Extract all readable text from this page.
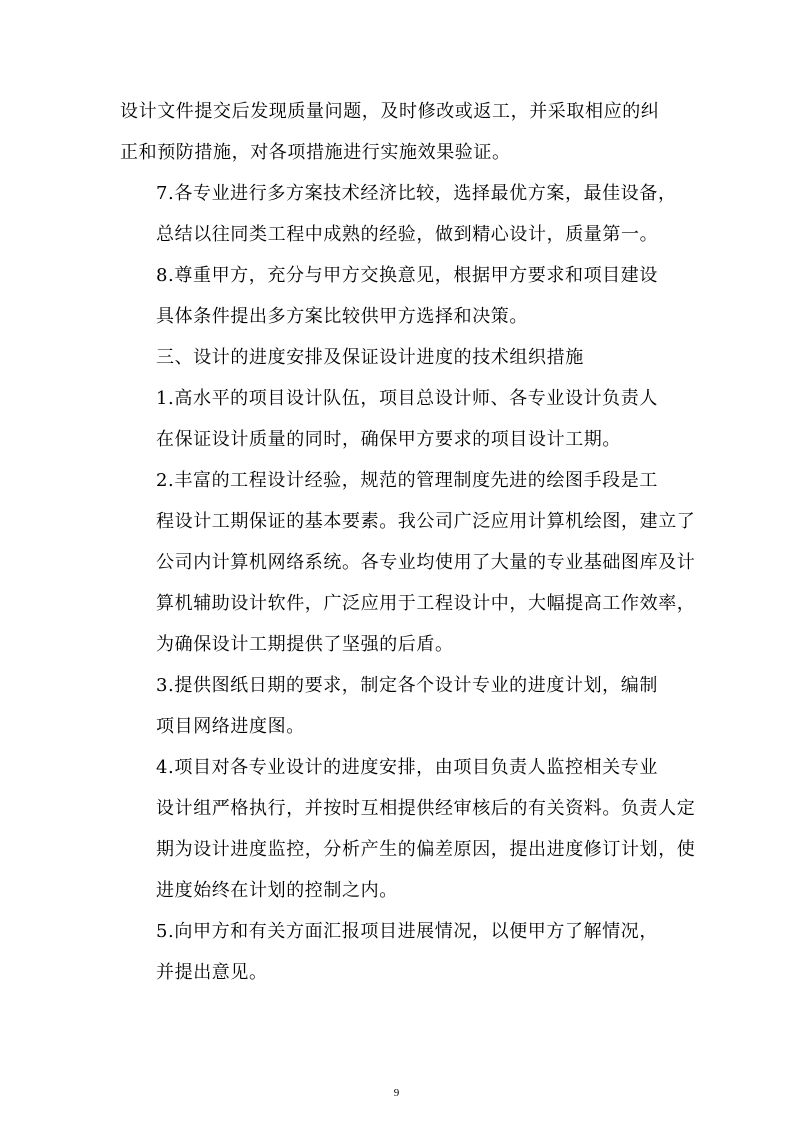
设计文件提交后发现质量问题，及时修改或返工，并采取相应的纠
正和预防措施，对各项措施进行实施效果验证。

7.各专业进行多方案技术经济比较，选择最优方案，最佳设备，
总结以往同类工程中成熟的经验，做到精心设计，质量第一。

8.尊重甲方，充分与甲方交换意见，根据甲方要求和项目建设
具体条件提出多方案比较供甲方选择和决策。

三、设计的进度安排及保证设计进度的技术组织措施

1.高水平的项目设计队伍，项目总设计师、各专业设计负责人
在保证设计质量的同时，确保甲方要求的项目设计工期。

2.丰富的工程设计经验，规范的管理制度先进的绘图手段是工
程设计工期保证的基本要素。我公司广泛应用计算机绘图，建立了
公司内计算机网络系统。各专业均使用了大量的专业基础图库及计
算机辅助设计软件，广泛应用于工程设计中，大幅提高工作效率，
为确保设计工期提供了坚强的后盾。

3.提供图纸日期的要求，制定各个设计专业的进度计划，编制
项目网络进度图。

4.项目对各专业设计的进度安排，由项目负责人监控相关专业
设计组严格执行，并按时互相提供经审核后的有关资料。负责人定
期为设计进度监控，分析产生的偏差原因，提出进度修订计划，使
进度始终在计划的控制之内。

5.向甲方和有关方面汇报项目进展情况，以便甲方了解情况，
并提出意见。

9
